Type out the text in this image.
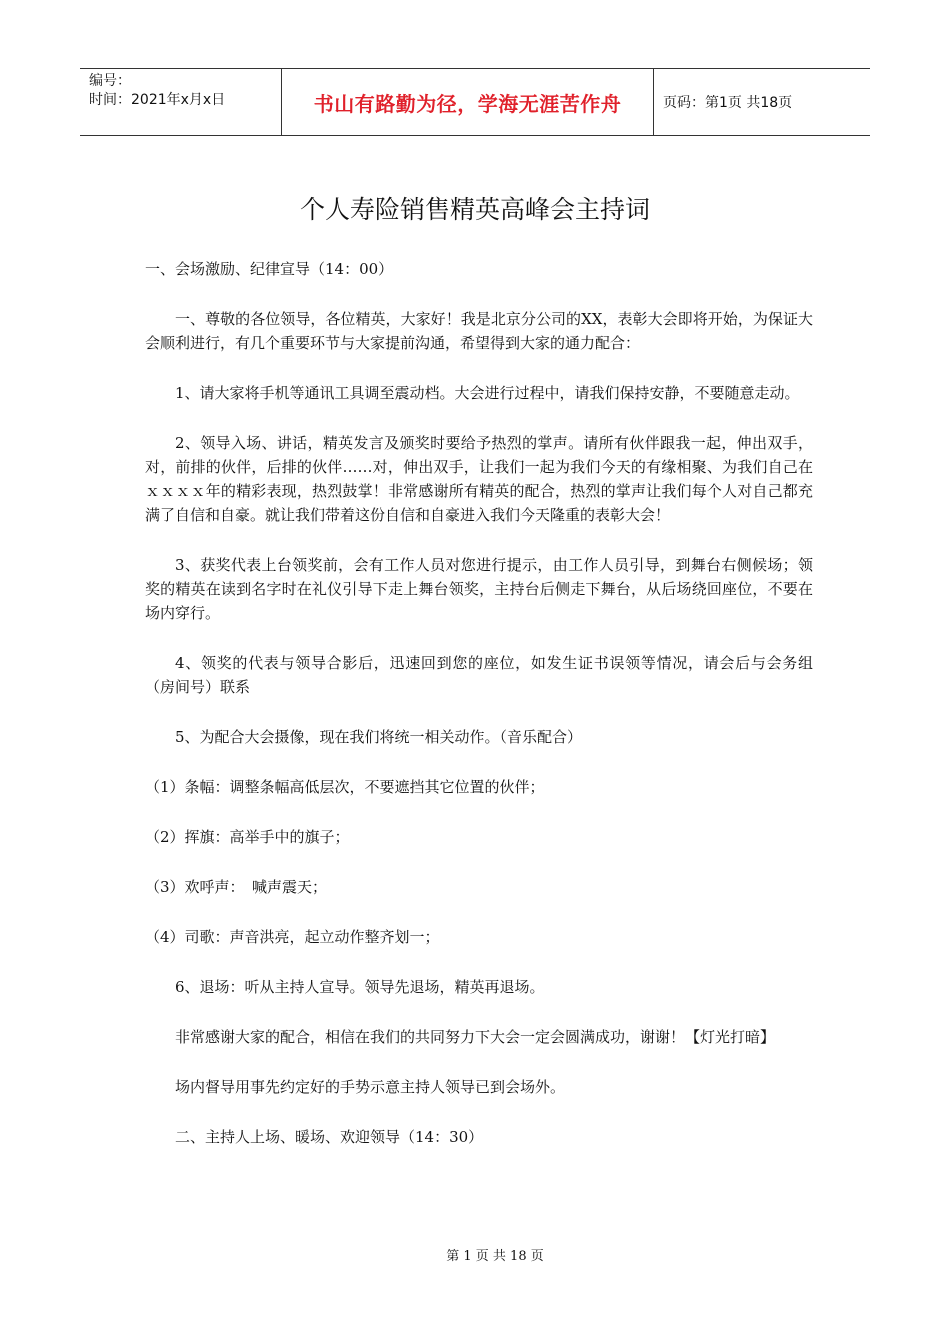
编号：
时间：2021年x月x日	书山有路勤为径，学海无涯苦作舟	页码：第1页 共18页
个人寿险销售精英高峰会主持词

一、会场激励、纪律宣导（14：00）

一、尊敬的各位领导，各位精英，大家好！我是北京分公司的XX，表彰大会即将开始，为保证大会顺利进行，有几个重要环节与大家提前沟通，希望得到大家的通力配合：

1、请大家将手机等通讯工具调至震动档。大会进行过程中，请我们保持安静，不要随意走动。

2、领导入场、讲话，精英发言及颁奖时要给予热烈的掌声。请所有伙伴跟我一起，伸出双手，对，前排的伙伴，后排的伙伴……对，伸出双手，让我们一起为我们今天的有缘相聚、为我们自己在ｘｘｘｘ年的精彩表现，热烈鼓掌！非常感谢所有精英的配合，热烈的掌声让我们每个人对自己都充满了自信和自豪。就让我们带着这份自信和自豪进入我们今天隆重的表彰大会！

3、获奖代表上台领奖前，会有工作人员对您进行提示，由工作人员引导，到舞台右侧候场；领奖的精英在读到名字时在礼仪引导下走上舞台领奖，主持台后侧走下舞台，从后场绕回座位，不要在场内穿行。

4、领奖的代表与领导合影后，迅速回到您的座位，如发生证书误领等情况，请会后与会务组（房间号）联系

5、为配合大会摄像，现在我们将统一相关动作。（音乐配合）

（1）条幅：调整条幅高低层次，不要遮挡其它位置的伙伴；

（2）挥旗：高举手中的旗子；

（3）欢呼声：　喊声震天；

（4）司歌：声音洪亮，起立动作整齐划一；

6、退场：听从主持人宣导。领导先退场，精英再退场。

非常感谢大家的配合，相信在我们的共同努力下大会一定会圆满成功，谢谢！【灯光打暗】

场内督导用事先约定好的手势示意主持人领导已到会场外。

二、主持人上场、暖场、欢迎领导（14：30）

第 1 页 共 18 页
